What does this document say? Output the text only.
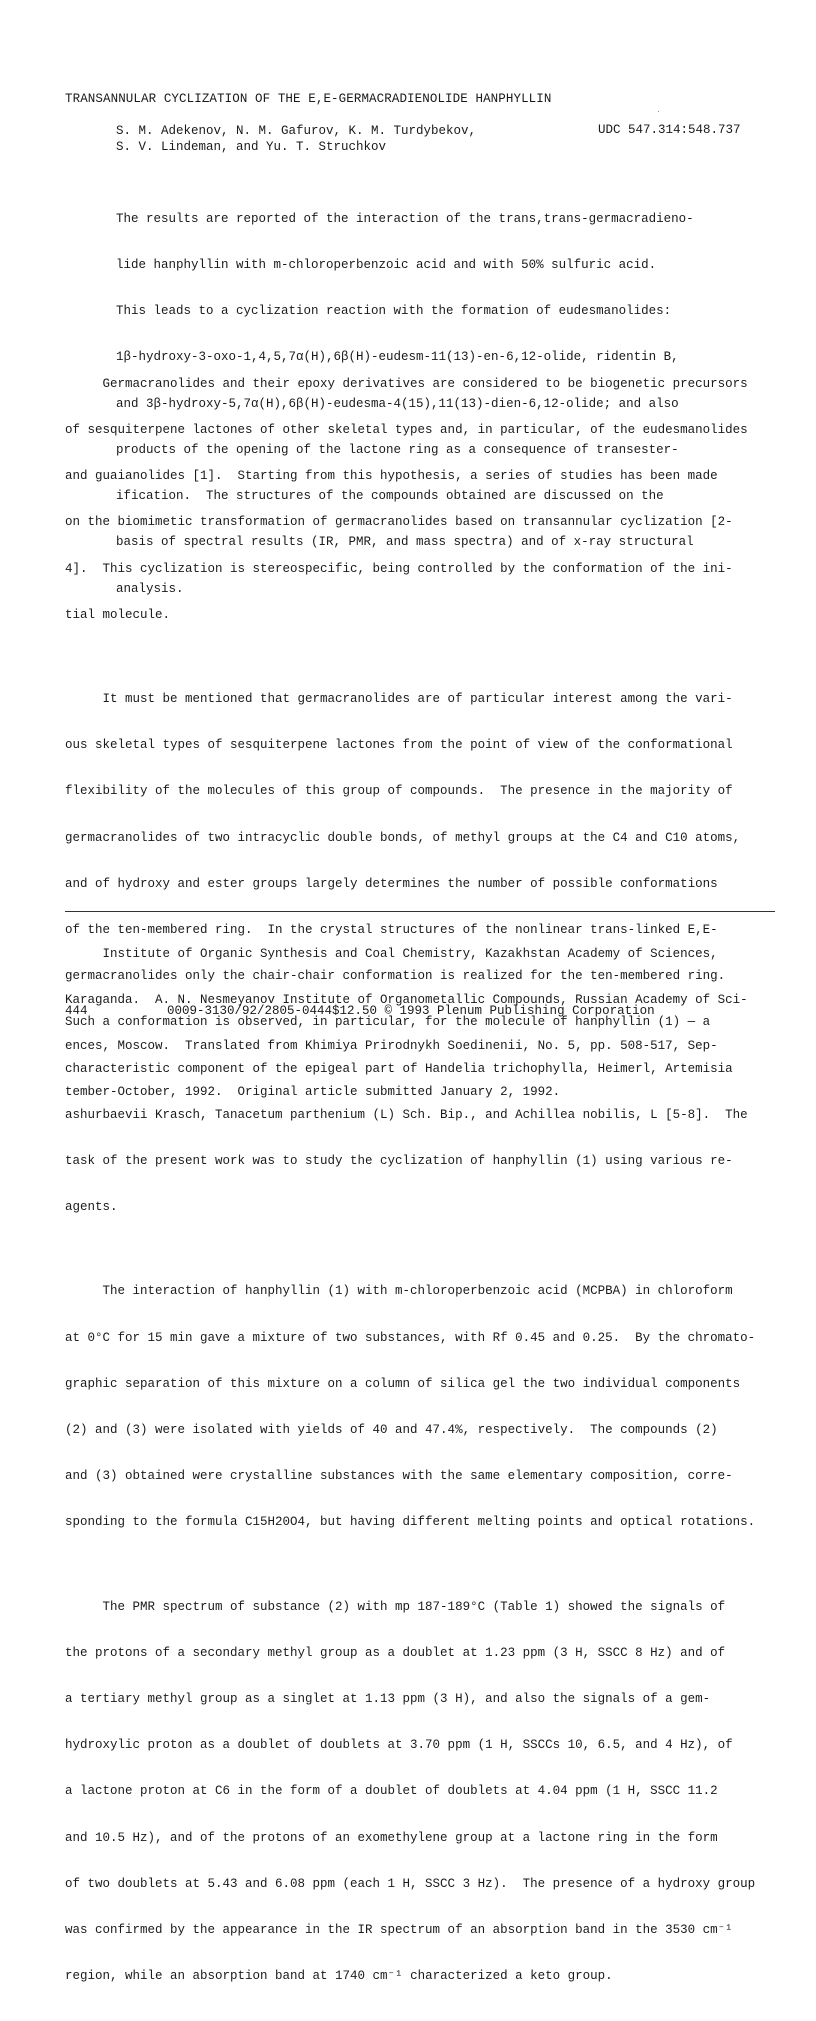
TRANSANNULAR CYCLIZATION OF THE E,E-GERMACRADIENOLIDE HANPHYLLIN
S. M. Adekenov, N. M. Gafurov, K. M. Turdybekov,
S. V. Lindeman, and Yu. T. Struchkov
UDC 547.314:548.737

The results are reported of the interaction of the trans,trans-germacradieno-

lide hanphyllin with m-chloroperbenzoic acid and with 50% sulfuric acid.

This leads to a cyclization reaction with the formation of eudesmanolides:

1β-hydroxy-3-oxo-1,4,5,7α(H),6β(H)-eudesm-11(13)-en-6,12-olide, ridentin B,

and 3β-hydroxy-5,7α(H),6β(H)-eudesma-4(15),11(13)-dien-6,12-olide; and also

products of the opening of the lactone ring as a consequence of transester-

ification.  The structures of the compounds obtained are discussed on the

basis of spectral results (IR, PMR, and mass spectra) and of x-ray structural

analysis.

Germacranolides and their epoxy derivatives are considered to be biogenetic precursors

of sesquiterpene lactones of other skeletal types and, in particular, of the eudesmanolides

and guaianolides [1].  Starting from this hypothesis, a series of studies has been made

on the biomimetic transformation of germacranolides based on transannular cyclization [2-

4].  This cyclization is stereospecific, being controlled by the conformation of the ini-

tial molecule.

It must be mentioned that germacranolides are of particular interest among the vari-

ous skeletal types of sesquiterpene lactones from the point of view of the conformational

flexibility of the molecules of this group of compounds.  The presence in the majority of

germacranolides of two intracyclic double bonds, of methyl groups at the C4 and C10 atoms,

and of hydroxy and ester groups largely determines the number of possible conformations

of the ten-membered ring.  In the crystal structures of the nonlinear trans-linked E,E-

germacranolides only the chair-chair conformation is realized for the ten-membered ring.

Such a conformation is observed, in particular, for the molecule of hanphyllin (1) — a

characteristic component of the epigeal part of Handelia trichophylla, Heimerl, Artemisia

ashurbaevii Krasch, Tanacetum parthenium (L) Sch. Bip., and Achillea nobilis, L [5-8].  The

task of the present work was to study the cyclization of hanphyllin (1) using various re-

agents.

The interaction of hanphyllin (1) with m-chloroperbenzoic acid (MCPBA) in chloroform

at 0°C for 15 min gave a mixture of two substances, with Rf 0.45 and 0.25.  By the chromato-

graphic separation of this mixture on a column of silica gel the two individual components

(2) and (3) were isolated with yields of 40 and 47.4%, respectively.  The compounds (2)

and (3) obtained were crystalline substances with the same elementary composition, corre-

sponding to the formula C15H20O4, but having different melting points and optical rotations.

The PMR spectrum of substance (2) with mp 187-189°C (Table 1) showed the signals of

the protons of a secondary methyl group as a doublet at 1.23 ppm (3 H, SSCC 8 Hz) and of

a tertiary methyl group as a singlet at 1.13 ppm (3 H), and also the signals of a gem-

hydroxylic proton as a doublet of doublets at 3.70 ppm (1 H, SSCCs 10, 6.5, and 4 Hz), of

a lactone proton at C6 in the form of a doublet of doublets at 4.04 ppm (1 H, SSCC 11.2

and 10.5 Hz), and of the protons of an exomethylene group at a lactone ring in the form

of two doublets at 5.43 and 6.08 ppm (each 1 H, SSCC 3 Hz).  The presence of a hydroxy group

was confirmed by the appearance in the IR spectrum of an absorption band in the 3530 cm⁻¹

region, while an absorption band at 1740 cm⁻¹ characterized a keto group.

Institute of Organic Synthesis and Coal Chemistry, Kazakhstan Academy of Sciences,

Karaganda.  A. N. Nesmeyanov Institute of Organometallic Compounds, Russian Academy of Sci-

ences, Moscow.  Translated from Khimiya Prirodnykh Soedinenii, No. 5, pp. 508-517, Sep-

tember-October, 1992.  Original article submitted January 2, 1992.

444	0009-3130/92/2805-0444$12.50 © 1993 Plenum Publishing Corporation
